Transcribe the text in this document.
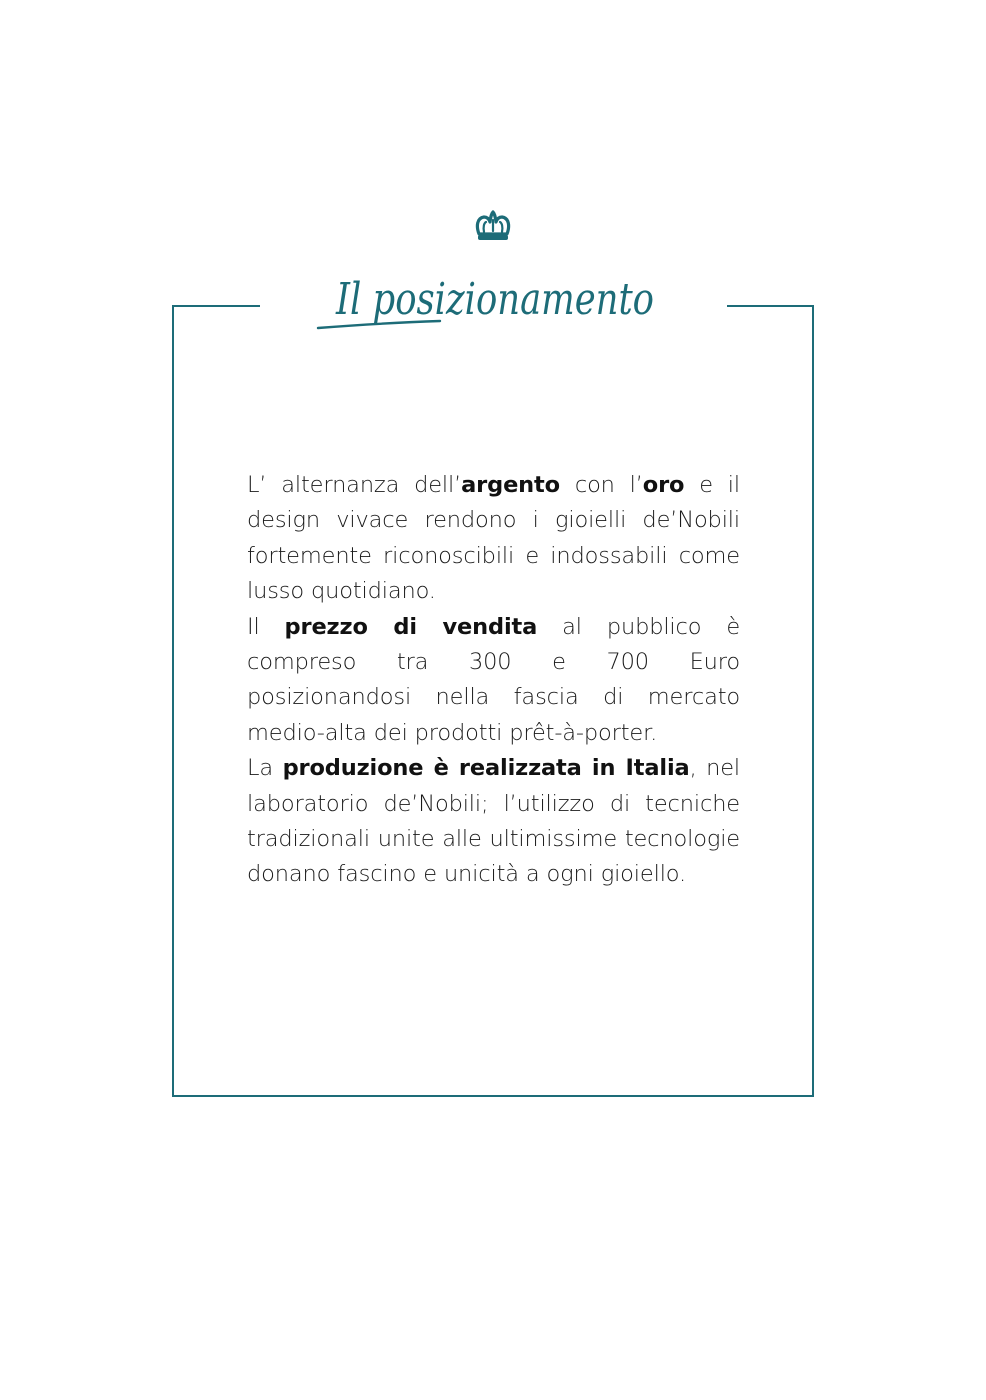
Il posizionamento

L’ alternanza dell’argento con l’oro e il design vivace rendono i gioielli de’Nobili fortemente riconoscibili e indossabili come lusso quotidiano.

Il prezzo di vendita al pubblico è compreso tra 300 e 700 Euro posizionandosi nella fascia di mercato medio-alta dei prodotti prêt-à-porter.

La produzione è realizzata in Italia, nel laboratorio de’Nobili; l’utilizzo di tecniche tradizionali unite alle ultimissime tecnologie donano fascino e unicità a ogni gioiello.
